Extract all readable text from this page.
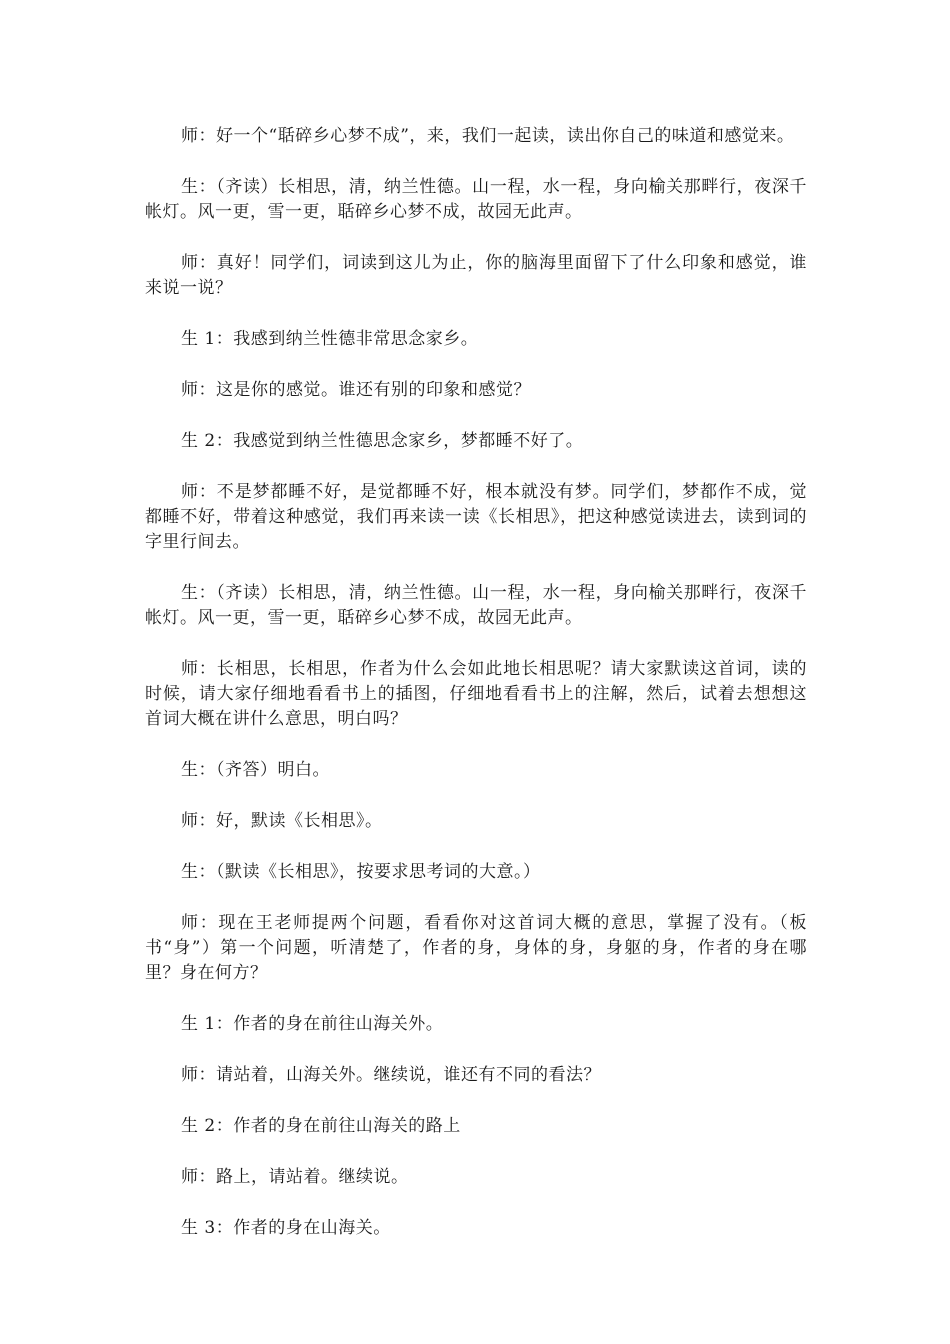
师：好一个“聒碎乡心梦不成”，来，我们一起读，读出你自己的味道和感觉来。

生：（齐读）长相思，清，纳兰性德。山一程，水一程，身向榆关那畔行，夜深千帐灯。风一更，雪一更，聒碎乡心梦不成，故园无此声。

师：真好！同学们，词读到这儿为止，你的脑海里面留下了什么印象和感觉，谁来说一说？

生 1：我感到纳兰性德非常思念家乡。

师：这是你的感觉。谁还有别的印象和感觉？

生 2：我感觉到纳兰性德思念家乡，梦都睡不好了。

师：不是梦都睡不好，是觉都睡不好，根本就没有梦。同学们，梦都作不成，觉都睡不好，带着这种感觉，我们再来读一读《长相思》，把这种感觉读进去，读到词的字里行间去。

生：（齐读）长相思，清，纳兰性德。山一程，水一程，身向榆关那畔行，夜深千帐灯。风一更，雪一更，聒碎乡心梦不成，故园无此声。

师：长相思，长相思，作者为什么会如此地长相思呢？请大家默读这首词，读的时候，请大家仔细地看看书上的插图，仔细地看看书上的注解，然后，试着去想想这首词大概在讲什么意思，明白吗？

生：（齐答）明白。

师：好，默读《长相思》。

生：（默读《长相思》，按要求思考词的大意。）

师：现在王老师提两个问题，看看你对这首词大概的意思，掌握了没有。（板书“身”）第一个问题，听清楚了，作者的身，身体的身，身躯的身，作者的身在哪里？身在何方？

生 1：作者的身在前往山海关外。

师：请站着，山海关外。继续说，谁还有不同的看法？

生 2：作者的身在前往山海关的路上

师：路上，请站着。继续说。

生 3：作者的身在山海关。
